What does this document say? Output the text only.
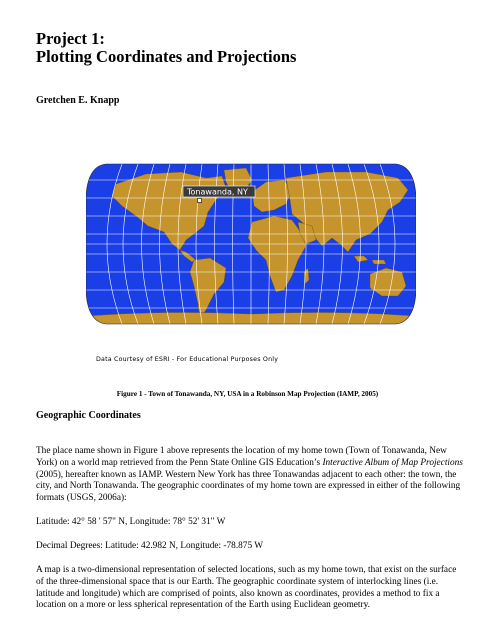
Project 1:
Plotting Coordinates and Projections
Gretchen E. Knapp
Tonawanda, NY
Data Courtesy of ESRI - For Educational Purposes Only
Figure 1 - Town of Tonawanda, NY, USA in a Robinson Map Projection (IAMP, 2005)
Geographic Coordinates

The place name shown in Figure 1 above represents the location of my home town (Town of Tonawanda, New York) on a world map retrieved from the Penn State Online GIS Education’s Interactive Album of Map Projections (2005), hereafter known as IAMP. Western New York has three Tonawandas adjacent to each other: the town, the city, and North Tonawanda. The geographic coordinates of my home town are expressed in either of the following formats (USGS, 2006a):

Latitude: 42° 58 ' 57" N, Longitude: 78° 52' 31" W

Decimal Degrees: Latitude: 42.982 N, Longitude: -78.875 W

A map is a two-dimensional representation of selected locations, such as my home town, that exist on the surface of the three-dimensional space that is our Earth. The geographic coordinate system of interlocking lines (i.e. latitude and longitude) which are comprised of points, also known as coordinates, provides a method to fix a location on a more or less spherical representation of the Earth using Euclidean geometry.
